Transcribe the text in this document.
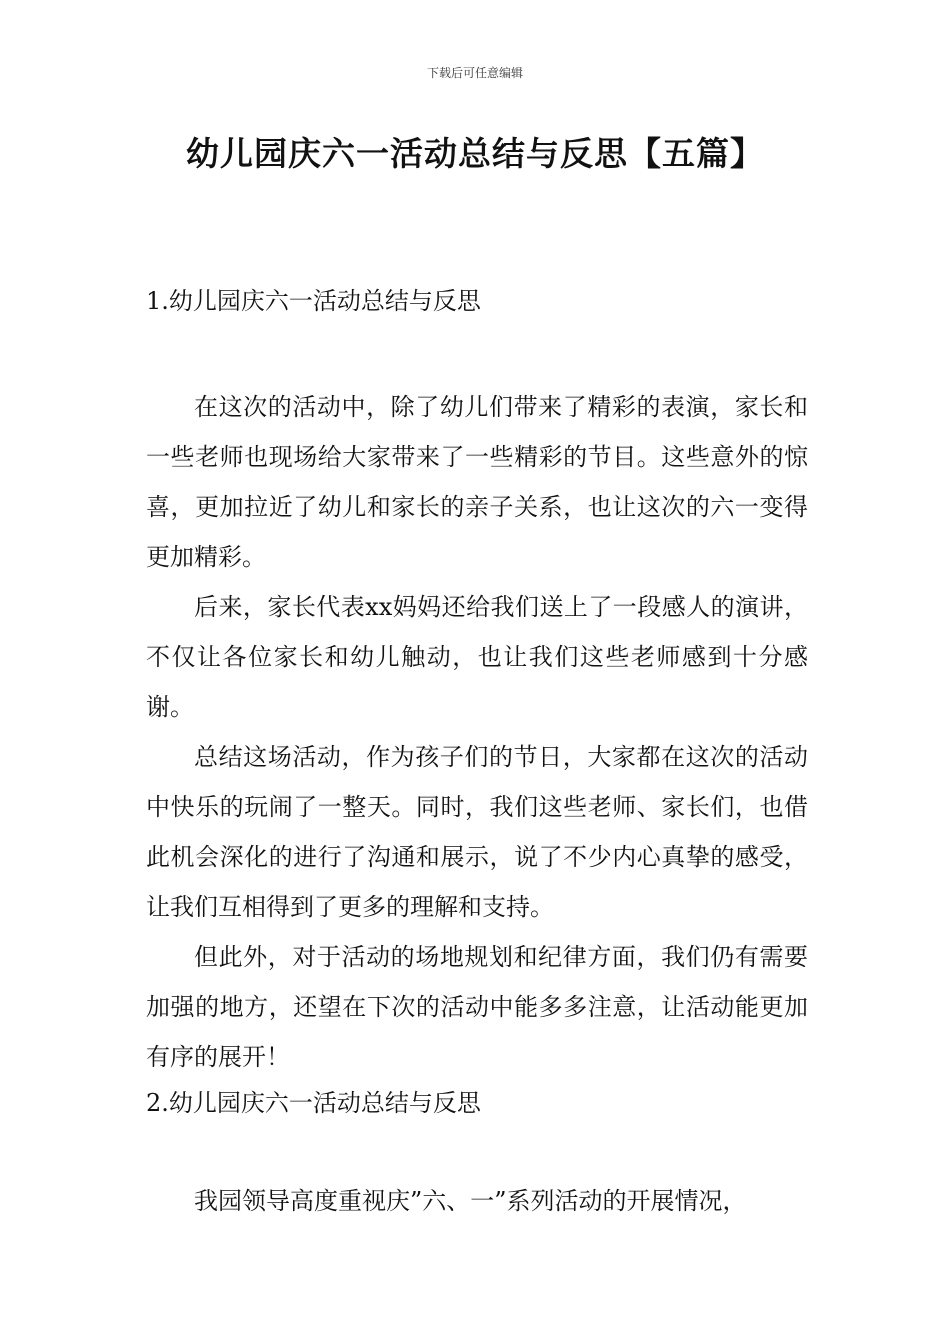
下载后可任意编辑
幼儿园庆六一活动总结与反思【五篇】
1.幼儿园庆六一活动总结与反思

在这次的活动中，除了幼儿们带来了精彩的表演，家长和一些老师也现场给大家带来了一些精彩的节目。这些意外的惊喜，更加拉近了幼儿和家长的亲子关系，也让这次的六一变得更加精彩。

后来，家长代表xx妈妈还给我们送上了一段感人的演讲，不仅让各位家长和幼儿触动，也让我们这些老师感到十分感谢。

总结这场活动，作为孩子们的节日，大家都在这次的活动中快乐的玩闹了一整天。同时，我们这些老师、家长们，也借此机会深化的进行了沟通和展示，说了不少内心真挚的感受，让我们互相得到了更多的理解和支持。

但此外，对于活动的场地规划和纪律方面，我们仍有需要加强的地方，还望在下次的活动中能多多注意，让活动能更加有序的展开！

2.幼儿园庆六一活动总结与反思

我园领导高度重视庆”六、一”系列活动的开展情况，
